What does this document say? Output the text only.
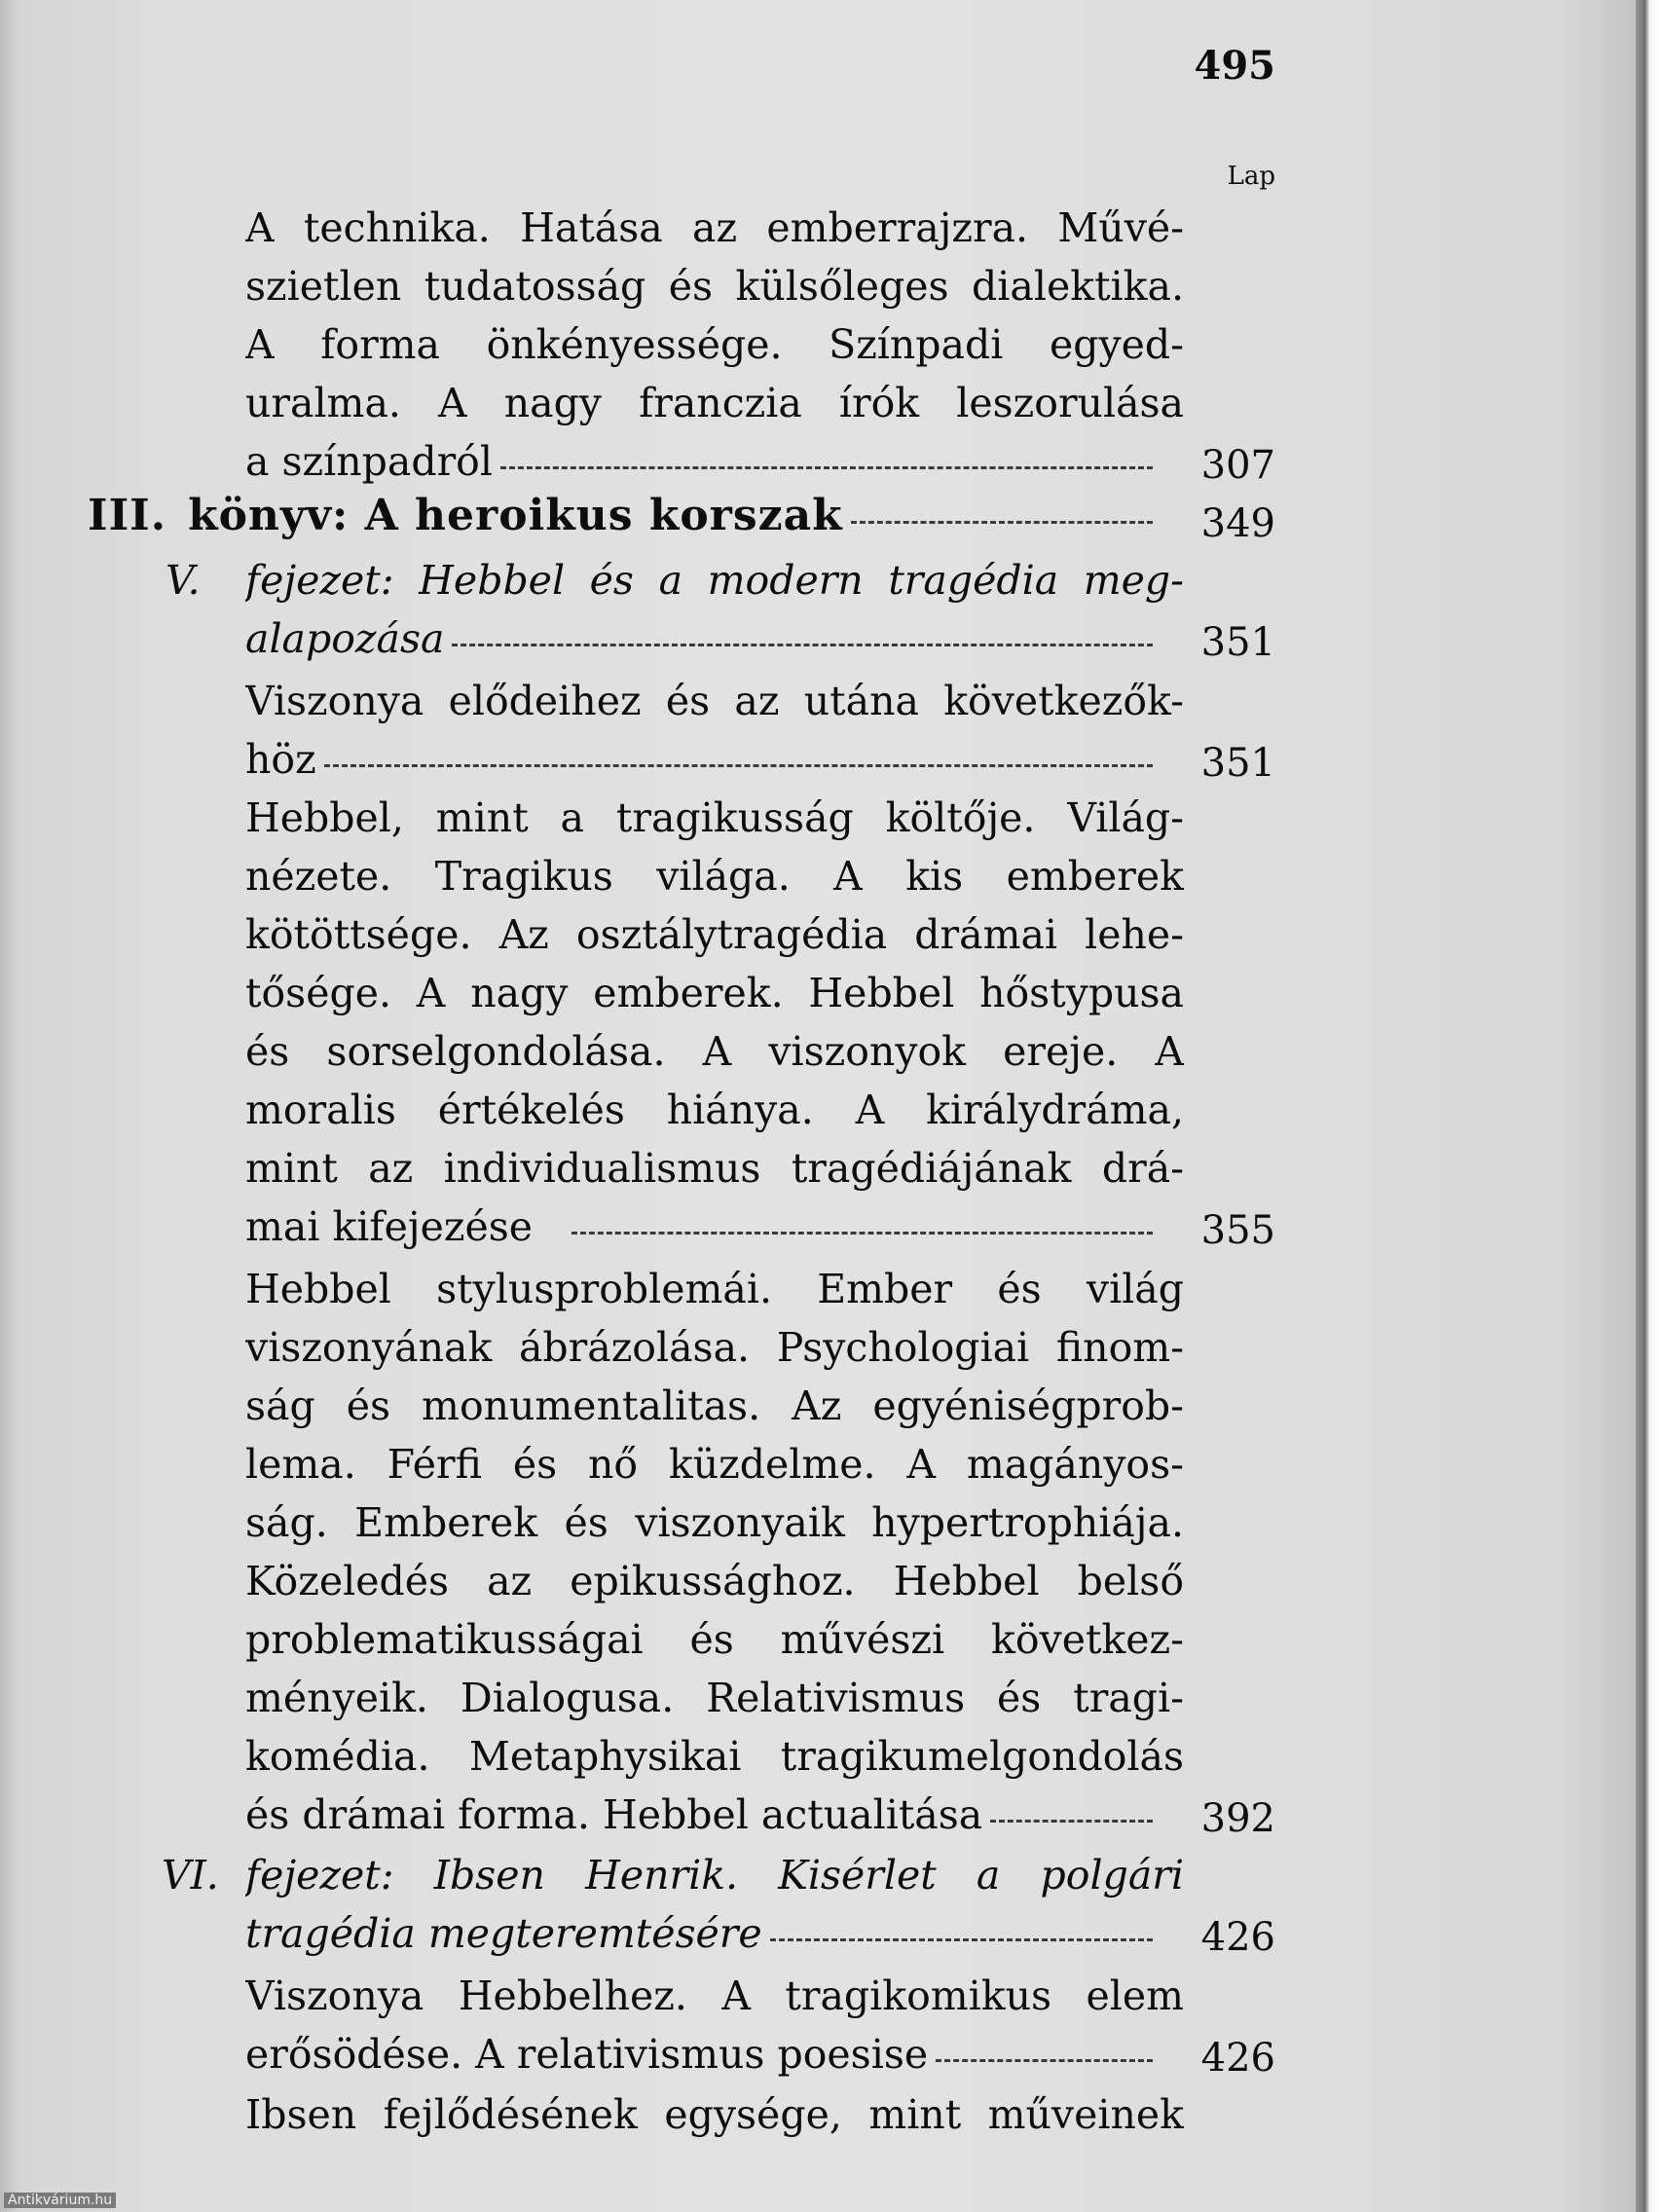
495
Lap
A technika. Hatása az emberrajzra. Művé-
szietlen tudatosság és külsőleges dialektika.
A forma önkényessége. Színpadi egyed-
uralma. A nagy franczia írók leszorulása
a színpadról	307
III. könyv: A heroikus korszak	349
V. fejezet: Hebbel és a modern tragédia meg-
alapozása	351
Viszonya elődeihez és az utána következők-
höz	351
Hebbel, mint a tragikusság költője. Világ-
nézete. Tragikus világa. A kis emberek
kötöttsége. Az osztálytragédia drámai lehe-
tősége. A nagy emberek. Hebbel hőstypusa
és sorselgondolása. A viszonyok ereje. A
moralis értékelés hiánya. A királydráma,
mint az individualismus tragédiájának drá-
mai kifejezése	355
Hebbel stylusproblemái. Ember és világ
viszonyának ábrázolása. Psychologiai finom-
ság és monumentalitas. Az egyéniségprob-
lema. Férfi és nő küzdelme. A magányos-
ság. Emberek és viszonyaik hypertrophiája.
Közeledés az epikussághoz. Hebbel belső
problematikusságai és művészi következ-
ményeik. Dialogusa. Relativismus és tragi-
komédia. Metaphysikai tragikumelgondolás
és drámai forma. Hebbel actualitása	392
VI. fejezet: Ibsen Henrik. Kisérlet a polgári
tragédia megteremtésére	426
Viszonya Hebbelhez. A tragikomikus elem
erősödése. A relativismus poesise	426
Ibsen fejlődésének egysége, mint műveinek
Antikvárium.hu
